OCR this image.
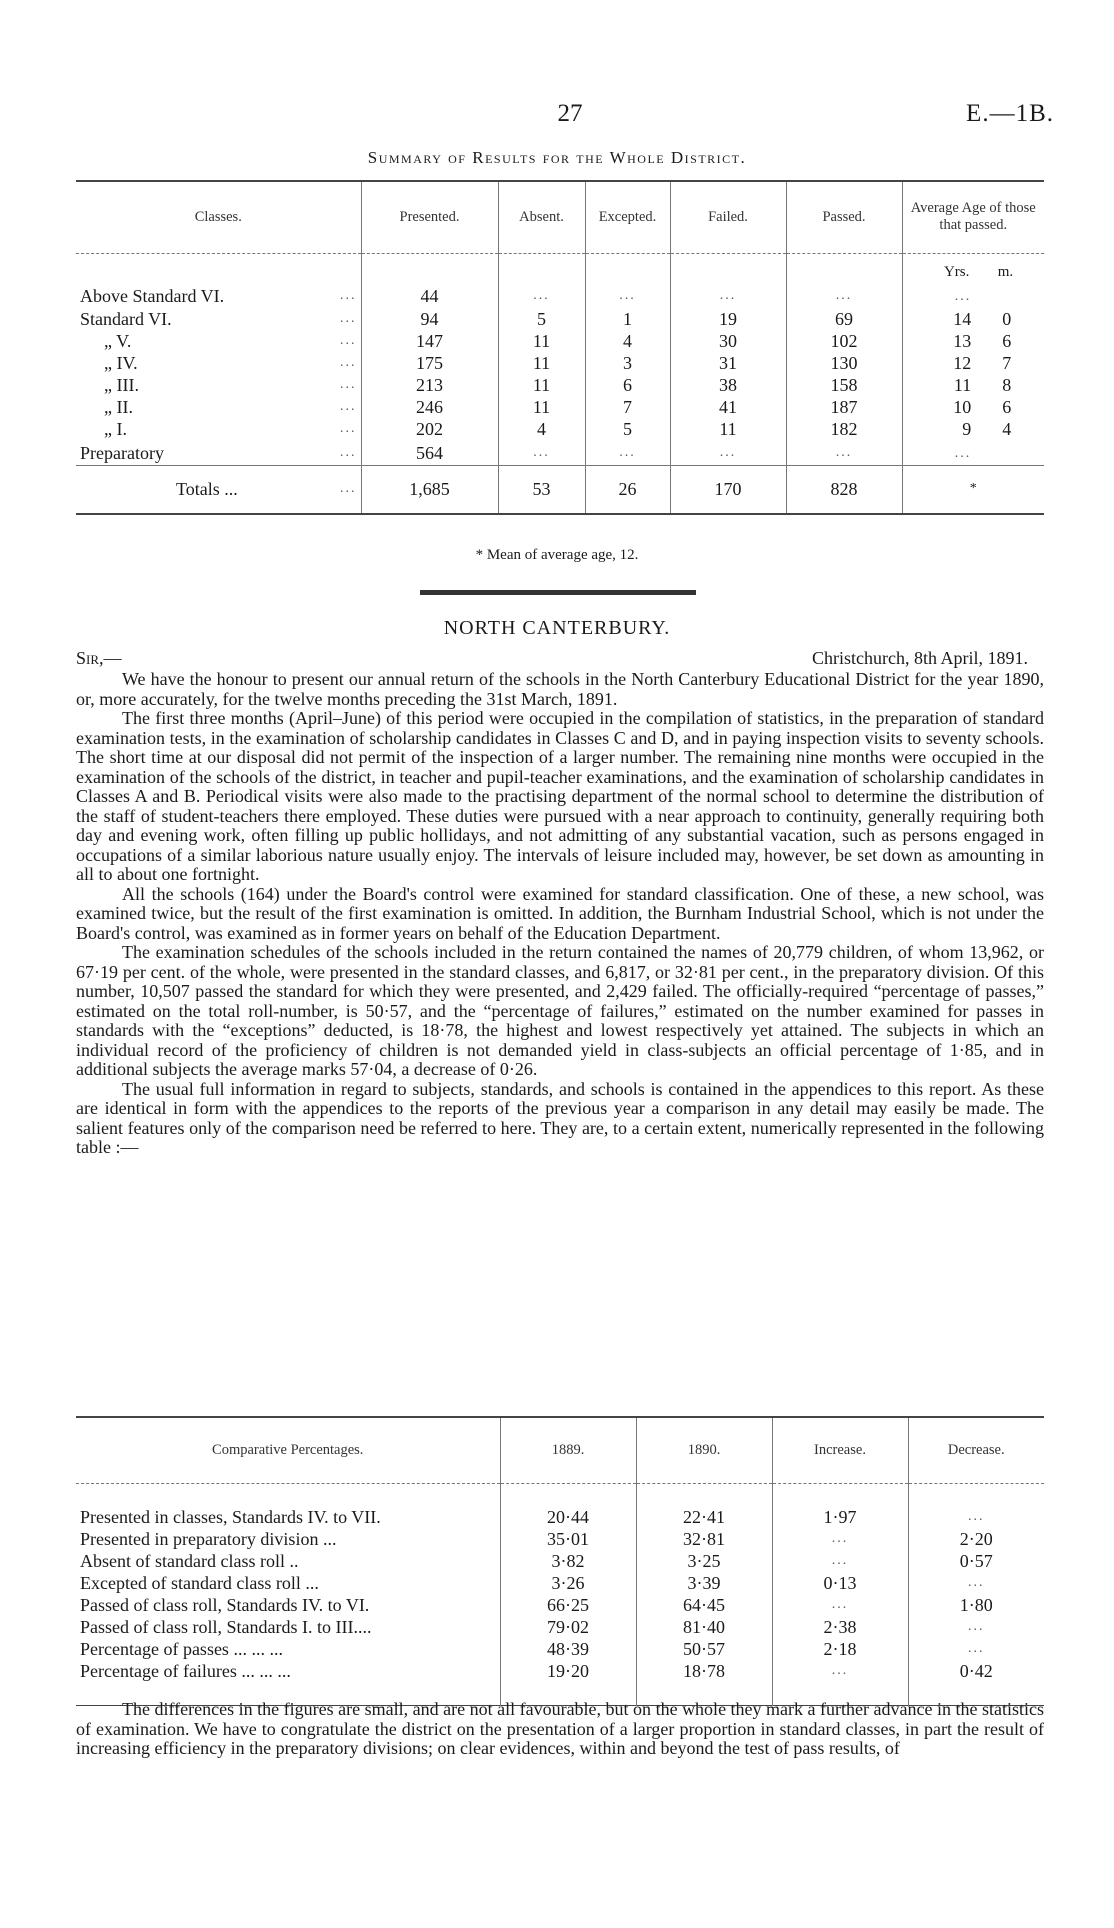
27	E.—1B.
Summary of Results for the Whole District.
Classes.	Presented.	Absent.	Excepted.	Failed.	Passed.	Average Age of those that passed.
						Yrs. m.
Above Standard VI. ...	44	...	...	...	...	...
Standard VI. ...	94	5	1	19	69	14 0
„ V. ...	147	11	4	30	102	13 6
„ IV. ...	175	11	3	31	130	12 7
„ III. ...	213	11	6	38	158	11 8
„ II. ...	246	11	7	41	187	10 6
„ I. ...	202	4	5	11	182	9 4
Preparatory ...	564	...	...	...	...	...
Totals ... ...	1,685	53	26	170	828	*
* Mean of average age, 12.
NORTH CANTERBURY.
Sir,—	Christchurch, 8th April, 1891.

We have the honour to present our annual return of the schools in the North Canterbury Educational District for the year 1890, or, more accurately, for the twelve months preceding the 31st March, 1891.

The first three months (April–June) of this period were occupied in the compilation of statistics, in the preparation of standard examination tests, in the examination of scholarship candidates in Classes C and D, and in paying inspection visits to seventy schools. The short time at our disposal did not permit of the inspection of a larger number. The remaining nine months were occupied in the examination of the schools of the district, in teacher and pupil-teacher examinations, and the examination of scholarship candidates in Classes A and B. Periodical visits were also made to the practising department of the normal school to determine the distribution of the staff of student-teachers there employed. These duties were pursued with a near approach to continuity, generally requiring both day and evening work, often filling up public hollidays, and not admitting of any substantial vacation, such as persons engaged in occupations of a similar laborious nature usually enjoy. The intervals of leisure included may, however, be set down as amounting in all to about one fortnight.

All the schools (164) under the Board's control were examined for standard classification. One of these, a new school, was examined twice, but the result of the first examination is omitted. In addition, the Burnham Industrial School, which is not under the Board's control, was examined as in former years on behalf of the Education Department.

The examination schedules of the schools included in the return contained the names of 20,779 children, of whom 13,962, or 67·19 per cent. of the whole, were presented in the standard classes, and 6,817, or 32·81 per cent., in the preparatory division. Of this number, 10,507 passed the standard for which they were presented, and 2,429 failed. The officially-required “percentage of passes,” estimated on the total roll-number, is 50·57, and the “percentage of failures,” estimated on the number examined for passes in standards with the “exceptions” deducted, is 18·78, the highest and lowest respectively yet attained. The subjects in which an individual record of the proficiency of children is not demanded yield in class-subjects an official percentage of 1·85, and in additional subjects the average marks 57·04, a decrease of 0·26.

The usual full information in regard to subjects, standards, and schools is contained in the appendices to this report. As these are identical in form with the appendices to the reports of the previous year a comparison in any detail may easily be made. The salient features only of the comparison need be referred to here. They are, to a certain extent, numerically represented in the following table :—

Comparative Percentages.	1889.	1890.	Increase.	Decrease.

Presented in classes, Standards IV. to VII.	20·44	22·41	1·97	...
Presented in preparatory division ...	35·01	32·81	...	2·20
Absent of standard class roll ..	3·82	3·25	...	0·57
Excepted of standard class roll ...	3·26	3·39	0·13	...
Passed of class roll, Standards IV. to VI.	66·25	64·45	...	1·80
Passed of class roll, Standards I. to III....	79·02	81·40	2·38	...
Percentage of passes ... ... ...	48·39	50·57	2·18	...
Percentage of failures ... ... ...	19·20	18·78	...	0·42

The differences in the figures are small, and are not all favourable, but on the whole they mark a further advance in the statistics of examination. We have to congratulate the district on the presentation of a larger proportion in standard classes, in part the result of increasing efficiency in the preparatory divisions; on clear evidences, within and beyond the test of pass results, of
